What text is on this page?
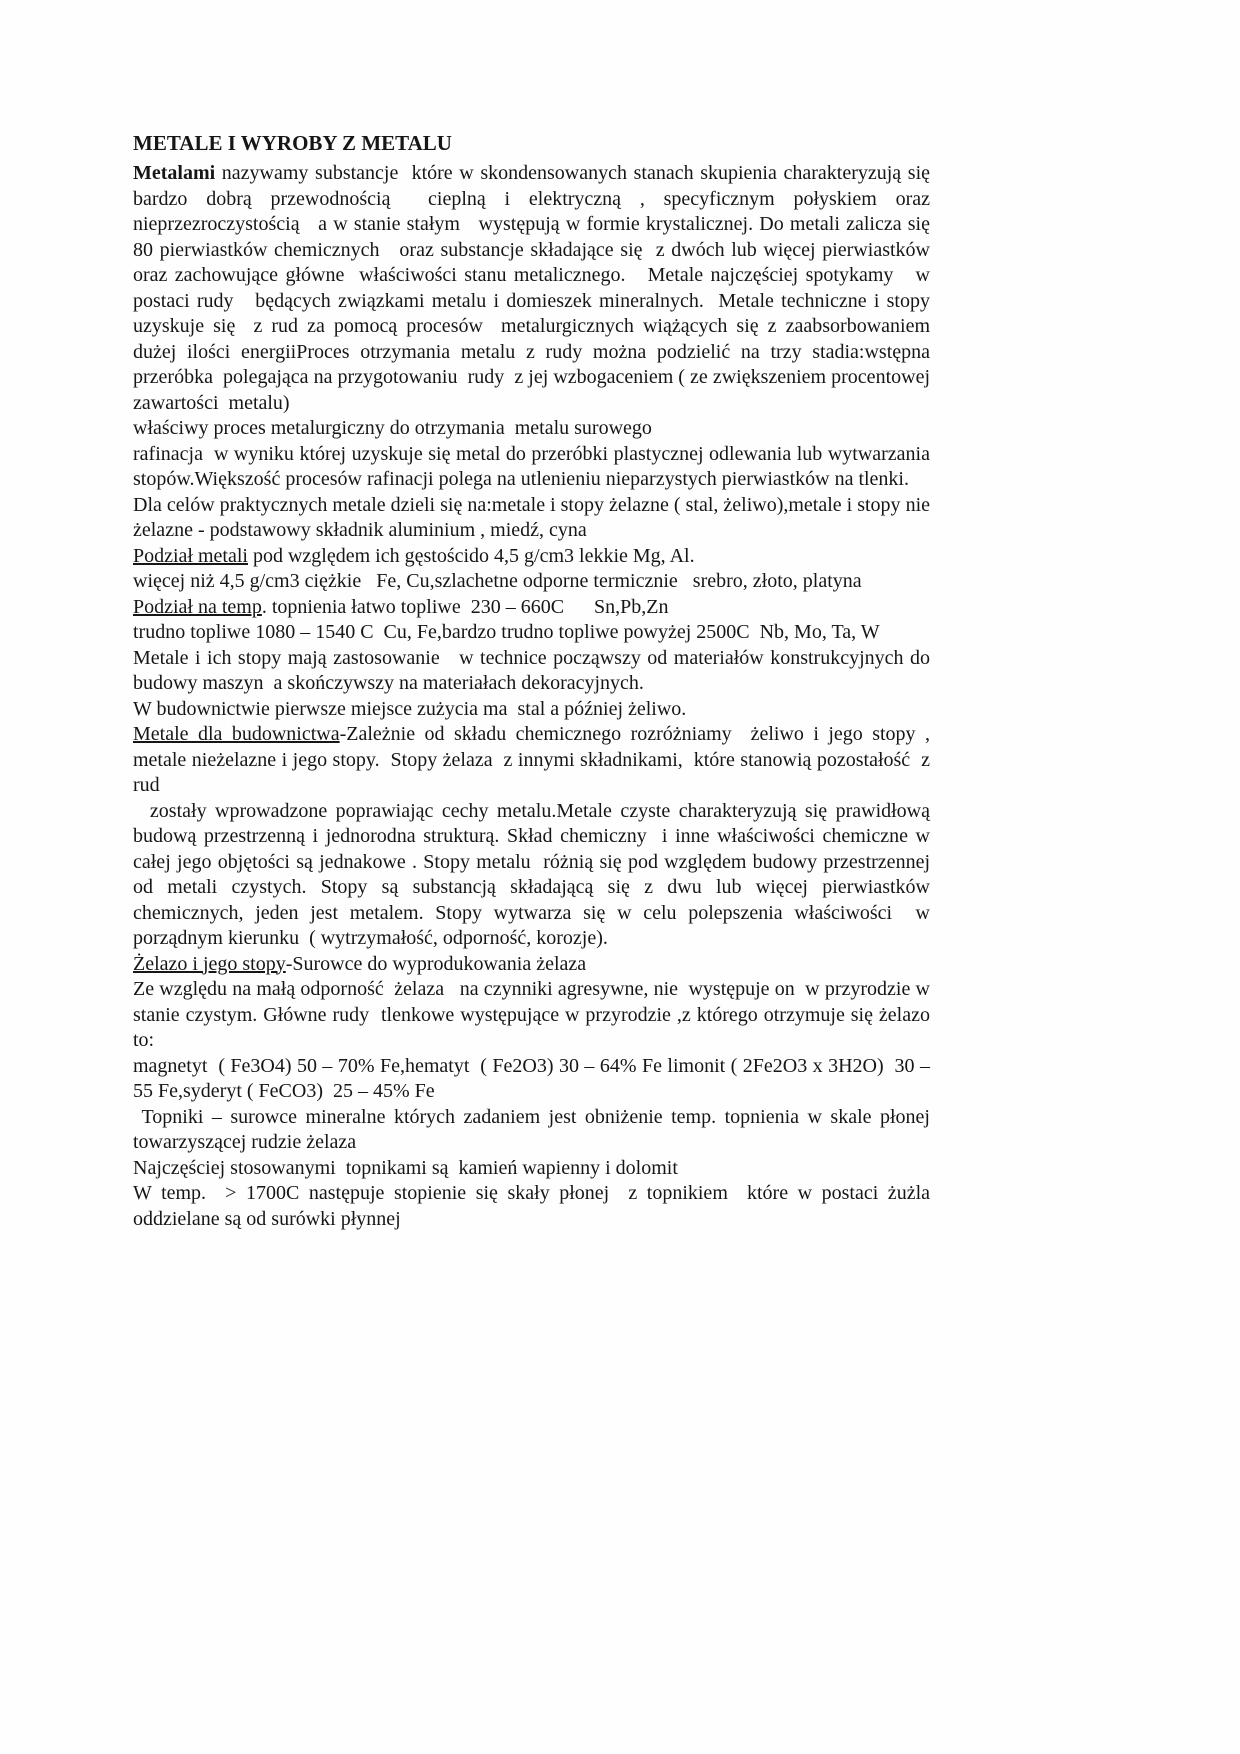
METALE I WYROBY Z METALU

Metalami nazywamy substancje  które w skondensowanych stanach skupienia charakteryzują się  bardzo dobrą przewodnością  cieplną i elektryczną , specyficznym połyskiem oraz   nieprzezroczystością   a w stanie stałym   występują w formie krystalicznej. Do metali zalicza się 80 pierwiastków chemicznych   oraz substancje składające się  z dwóch lub więcej pierwiastków oraz zachowujące główne  właściwości stanu metalicznego.   Metale najczęściej spotykamy   w postaci rudy   będących związkami metalu i domieszek mineralnych.  Metale techniczne i stopy uzyskuje się  z rud za pomocą procesów  metalurgicznych wiążących się z zaabsorbowaniem  dużej ilości energiiProces otrzymania metalu z rudy można podzielić na trzy stadia:wstępna przeróbka  polegająca na przygotowaniu  rudy  z jej wzbogaceniem ( ze zwiększeniem procentowej zawartości  metalu)

właściwy proces metalurgiczny do otrzymania  metalu surowego

rafinacja  w wyniku której uzyskuje się metal do przeróbki plastycznej odlewania lub wytwarzania stopów.Większość procesów rafinacji polega na utlenieniu nieparzystych pierwiastków na tlenki.

Dla celów praktycznych metale dzieli się na:metale i stopy żelazne ( stal, żeliwo),metale i stopy nie żelazne - podstawowy składnik aluminium , miedź, cyna

Podział metali pod względem ich gęstoścido 4,5 g/cm3 lekkie Mg, Al.

więcej niż 4,5 g/cm3 ciężkie   Fe, Cu,szlachetne odporne termicznie   srebro, złoto, platyna

Podział na temp. topnienia łatwo topliwe  230 – 660C      Sn,Pb,Zn

trudno topliwe 1080 – 1540 C  Cu, Fe,bardzo trudno topliwe powyżej 2500C  Nb, Mo, Ta, W

Metale i ich stopy mają zastosowanie   w technice począwszy od materiałów konstrukcyjnych do budowy maszyn  a skończywszy na materiałach dekoracyjnych.

W budownictwie pierwsze miejsce zużycia ma  stal a później żeliwo.

Metale dla budownictwa-Zależnie od składu chemicznego rozróżniamy  żeliwo i jego stopy , metale nieżelazne i jego stopy.  Stopy żelaza  z innymi składnikami,  które stanowią pozostałość  z rud

zostały wprowadzone poprawiając cechy metalu.Metale czyste charakteryzują się prawidłową budową przestrzenną i jednorodna strukturą. Skład chemiczny  i inne właściwości chemiczne w całej jego objętości są jednakowe . Stopy metalu  różnią się pod względem budowy przestrzennej   od metali czystych. Stopy są substancją składającą się z dwu lub więcej pierwiastków chemicznych, jeden jest metalem. Stopy wytwarza się w celu polepszenia właściwości  w porządnym kierunku  ( wytrzymałość, odporność, korozje).

Żelazo i jego stopy-Surowce do wyprodukowania żelaza

Ze względu na małą odporność  żelaza   na czynniki agresywne, nie  występuje on  w przyrodzie w stanie czystym. Główne rudy  tlenkowe występujące w przyrodzie ,z którego otrzymuje się żelazo to:

magnetyt  ( Fe3O4) 50 – 70% Fe,hematyt  ( Fe2O3) 30 – 64% Fe limonit ( 2Fe2O3 x 3H2O)  30 – 55 Fe,syderyt ( FeCO3)  25 – 45% Fe

Topniki – surowce mineralne których zadaniem jest obniżenie temp. topnienia w skale płonej  towarzyszącej rudzie żelaza

Najczęściej stosowanymi  topnikami są  kamień wapienny i dolomit

W temp.  > 1700C następuje stopienie się skały płonej  z topnikiem  które w postaci żużla   oddzielane są od surówki płynnej
